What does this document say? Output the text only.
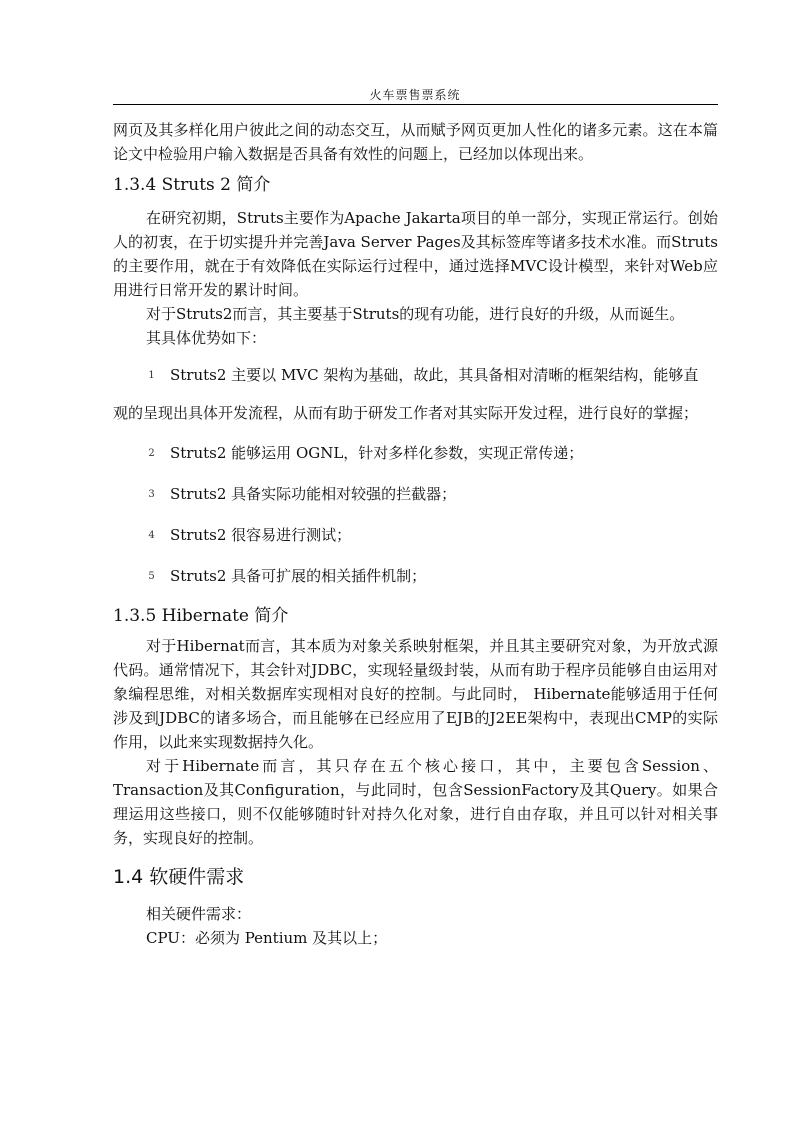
火车票售票系统

网页及其多样化用户彼此之间的动态交互，从而赋予网页更加人性化的诸多元素。这在本篇论文中检验用户输入数据是否具备有效性的问题上，已经加以体现出来。

1.3.4 Struts 2 简介

在研究初期，Struts主要作为Apache Jakarta项目的单一部分，实现正常运行。创始人的初衷，在于切实提升并完善Java Server Pages及其标签库等诸多技术水准。而Struts的主要作用，就在于有效降低在实际运行过程中，通过选择MVC设计模型，来针对Web应用进行日常开发的累计时间。

对于Struts2而言，其主要基于Struts的现有功能，进行良好的升级，从而诞生。

其具体优势如下：

1 Struts2 主要以 MVC 架构为基础，故此，其具备相对清晰的框架结构，能够直

观的呈现出具体开发流程，从而有助于研发工作者对其实际开发过程，进行良好的掌握；

2 Struts2 能够运用 OGNL，针对多样化参数，实现正常传递；
3 Struts2 具备实际功能相对较强的拦截器；
4 Struts2 很容易进行测试；
5 Struts2 具备可扩展的相关插件机制；

1.3.5 Hibernate 简介

对于Hibernat而言，其本质为对象关系映射框架，并且其主要研究对象，为开放式源代码。通常情况下，其会针对JDBC，实现轻量级封装，从而有助于程序员能够自由运用对象编程思维，对相关数据库实现相对良好的控制。与此同时， Hibernate能够适用于任何涉及到JDBC的诸多场合，而且能够在已经应用了EJB的J2EE架构中，表现出CMP的实际作用，以此来实现数据持久化。

对于Hibernate而言，其只存在五个核心接口，其中，主要包含Session、Transaction及其Configuration，与此同时，包含SessionFactory及其Query。如果合理运用这些接口，则不仅能够随时针对持久化对象，进行自由存取，并且可以针对相关事务，实现良好的控制。

1.4 软硬件需求

相关硬件需求：

CPU：必须为 Pentium 及其以上；
